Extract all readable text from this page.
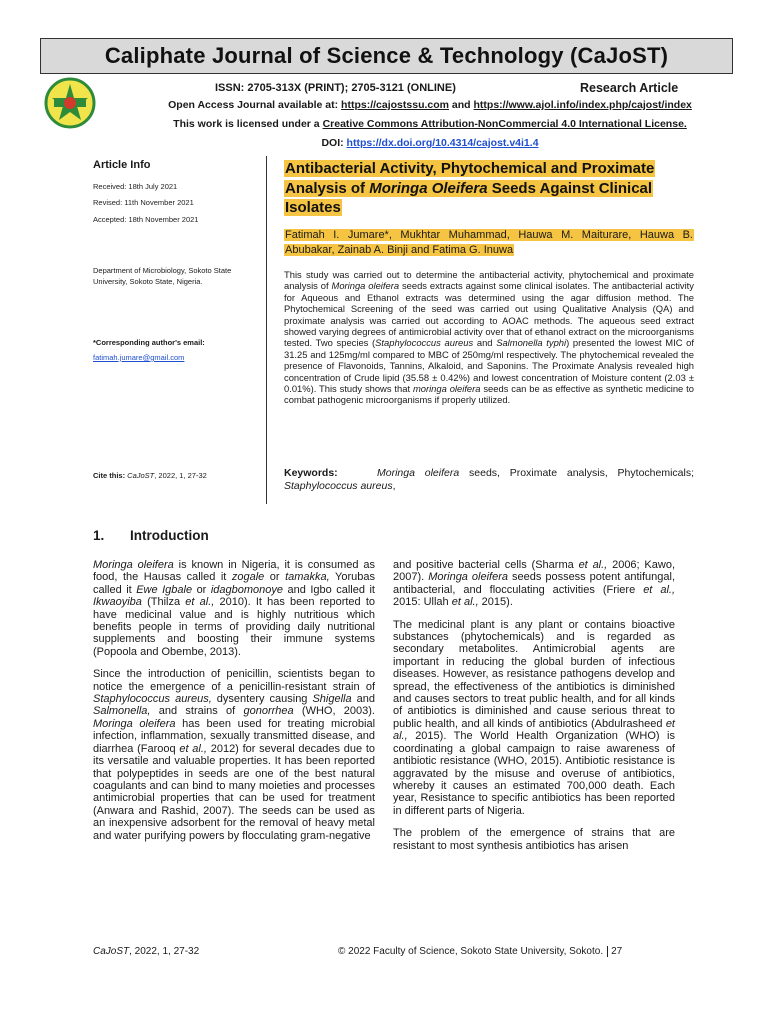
Caliphate Journal of Science & Technology (CaJoST)
ISSN: 2705-313X (PRINT); 2705-3121 (ONLINE)	Research Article
Open Access Journal available at: https://cajostssu.com and https://www.ajol.info/index.php/cajost/index
This work is licensed under a Creative Commons Attribution-NonCommercial 4.0 International License.
DOI: https://dx.doi.org/10.4314/cajost.v4i1.4
Article Info
Received: 18th July 2021
Revised: 11th November 2021
Accepted: 18th November 2021
Department of Microbiology, Sokoto State University, Sokoto State, Nigeria.
*Corresponding author's email:
fatimah.jumare@gmail.com
Cite this: CaJoST, 2022, 1, 27-32
Antibacterial Activity, Phytochemical and Proximate Analysis of Moringa Oleifera Seeds Against Clinical Isolates
Fatimah I. Jumare*, Mukhtar Muhammad, Hauwa M. Maiturare, Hauwa B. Abubakar, Zainab A. Binji and Fatima G. Inuwa
This study was carried out to determine the antibacterial activity, phytochemical and proximate analysis of Moringa oleifera seeds extracts against some clinical isolates. The antibacterial activity for Aqueous and Ethanol extracts was determined using the agar diffusion method. The Phytochemical Screening of the seed was carried out using Qualitative Analysis (QA) and proximate analysis was carried out according to AOAC methods. The aqueous seed extract showed varying degrees of antimicrobial activity over that of ethanol extract on the microorganisms tested. Two species (Staphylococcus aureus and Salmonella typhi) presented the lowest MIC of 31.25 and 125mg/ml compared to MBC of 250mg/ml respectively. The phytochemical revealed the presence of Flavonoids, Tannins, Alkaloid, and Saponins. The Proximate Analysis revealed high concentration of Crude lipid (35.58 ± 0.42%) and lowest concentration of Moisture content (2.03 ± 0.01%). This study shows that moringa oleifera seeds can be as effective as synthetic medicine to combat pathogenic microorganisms if properly utilized.
Keywords:	Moringa oleifera seeds, Proximate analysis, Phytochemicals; Staphylococcus aureus,
1. Introduction

Moringa oleifera is known in Nigeria, it is consumed as food, the Hausas called it zogale or tamakka, Yorubas called it Ewe Igbale or idagbomonoye and Igbo called it Ikwaoyiba (Thilza et al., 2010). It has been reported to have medicinal value and is highly nutritious which benefits people in terms of providing daily nutritional supplements and boosting their immune systems (Popoola and Obembe, 2013).

Since the introduction of penicillin, scientists began to notice the emergence of a penicillin-resistant strain of Staphylococcus aureus, dysentery causing Shigella and Salmonella, and strains of gonorrhea (WHO, 2003). Moringa oleifera has been used for treating microbial infection, inflammation, sexually transmitted disease, and diarrhea (Farooq et al., 2012) for several decades due to its versatile and valuable properties. It has been reported that polypeptides in seeds are one of the best natural coagulants and can bind to many moieties and processes antimicrobial properties that can be used for treatment (Anwara and Rashid, 2007). The seeds can be used as an inexpensive adsorbent for the removal of heavy metal and water purifying powers by flocculating gram-negative

and positive bacterial cells (Sharma et al., 2006; Kawo, 2007). Moringa oleifera seeds possess potent antifungal, antibacterial, and flocculating activities (Friere et al., 2015: Ullah et al., 2015).

The medicinal plant is any plant or contains bioactive substances (phytochemicals) and is regarded as secondary metabolites. Antimicrobial agents are important in reducing the global burden of infectious diseases. However, as resistance pathogens develop and spread, the effectiveness of the antibiotics is diminished and causes sectors to treat public health, and for all kinds of antibiotics is diminished and cause serious threat to public health, and all kinds of antibiotics (Abdulrasheed et al., 2015). The World Health Organization (WHO) is coordinating a global campaign to raise awareness of antibiotic resistance (WHO, 2015). Antibiotic resistance is aggravated by the misuse and overuse of antibiotics, whereby it causes an estimated 700,000 death. Each year, Resistance to specific antibiotics has been reported in different parts of Nigeria.

The problem of the emergence of strains that are resistant to most synthesis antibiotics has arisen

CaJoST, 2022, 1, 27-32	© 2022 Faculty of Science, Sokoto State University, Sokoto. 27
